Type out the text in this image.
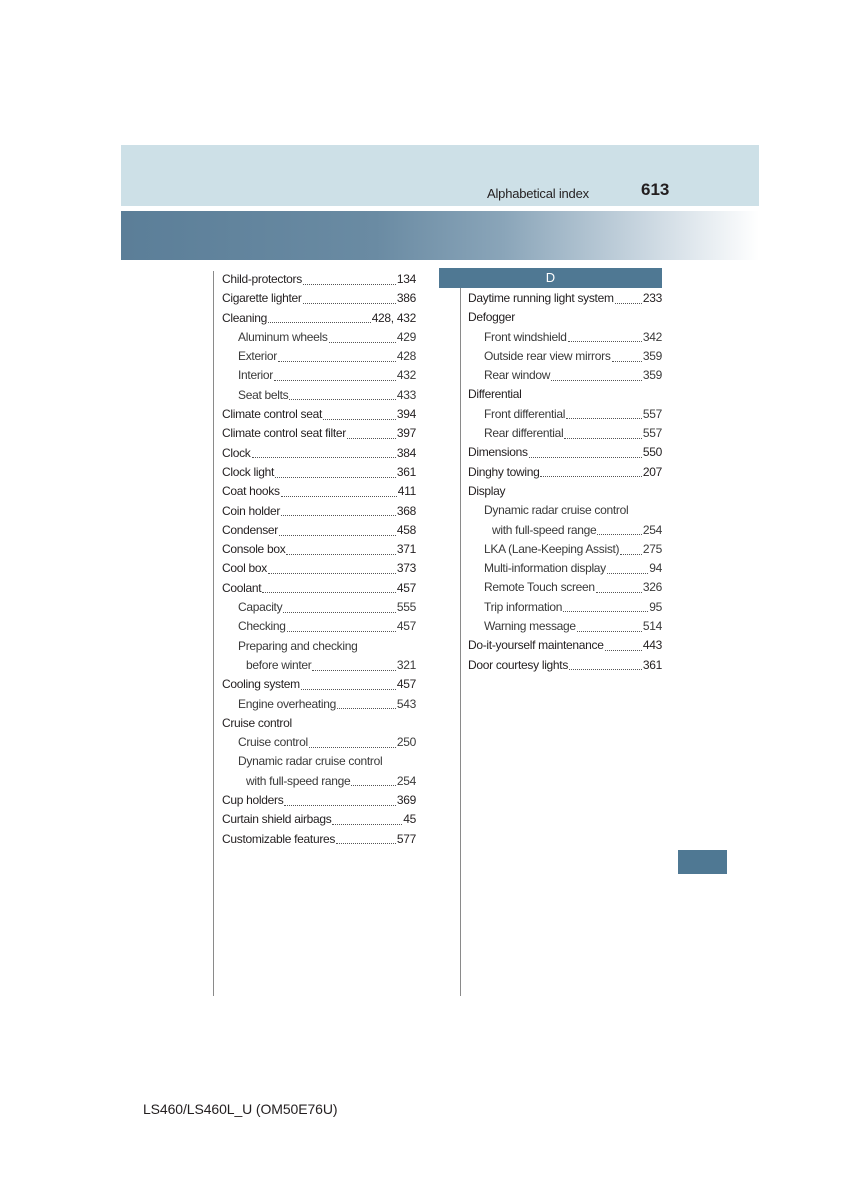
Alphabetical index	613
Child-protectors	134
Cigarette lighter	386
Cleaning	428, 432
Aluminum wheels	429
Exterior	428
Interior	432
Seat belts	433
Climate control seat	394
Climate control seat filter	397
Clock	384
Clock light	361
Coat hooks	411
Coin holder	368
Condenser	458
Console box	371
Cool box	373
Coolant	457
Capacity	555
Checking	457
Preparing and checking
before winter	321
Cooling system	457
Engine overheating	543
Cruise control
Cruise control	250
Dynamic radar cruise control
with full-speed range	254
Cup holders	369
Curtain shield airbags	45
Customizable features	577
D
Daytime running light system 233
Defogger
Front windshield	342
Outside rear view mirrors	359
Rear window	359
Differential
Front differential	557
Rear differential	557
Dimensions	550
Dinghy towing	207
Display
Dynamic radar cruise control
with full-speed range	254
LKA (Lane-Keeping Assist) 275
Multi-information display	94
Remote Touch screen	326
Trip information	95
Warning message	514
Do-it-yourself maintenance	443
Door courtesy lights	361
LS460/LS460L_U (OM50E76U)
